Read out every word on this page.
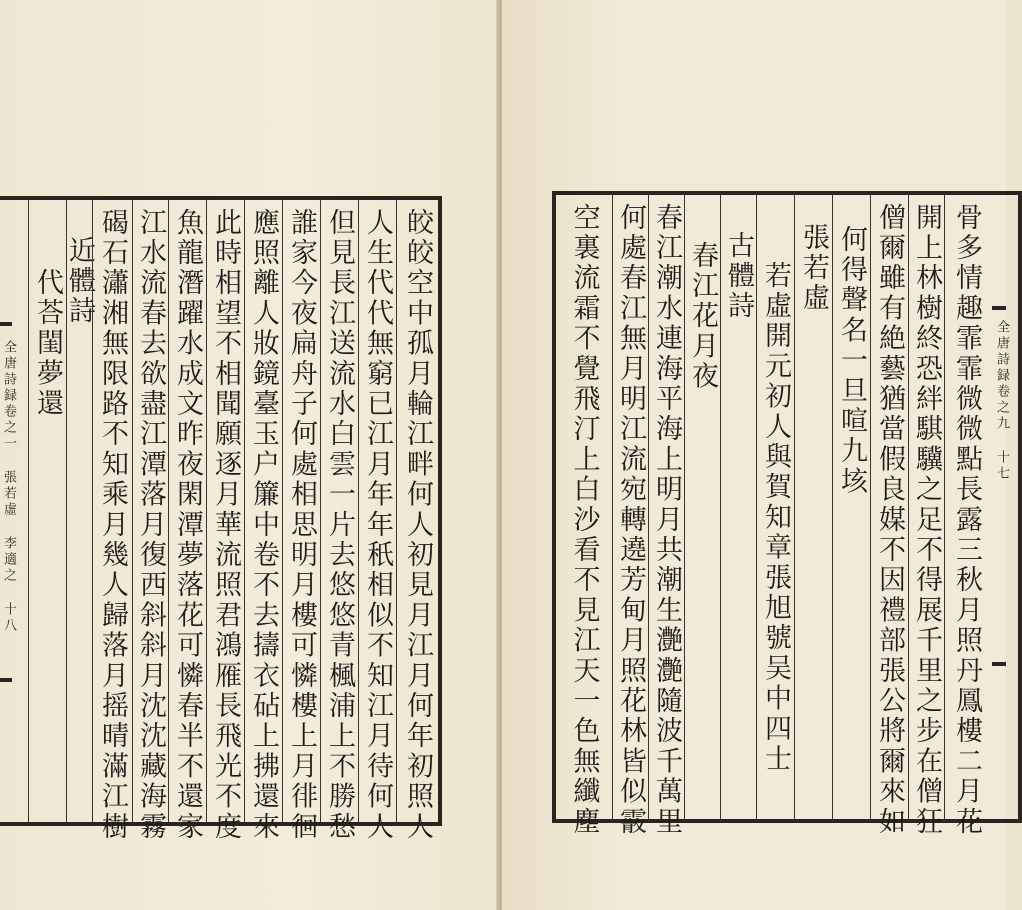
代荅閨夢還 近體詩 碣石瀟湘無限路不知乘月幾人歸落月摇晴滿江樹 江水流春去欲盡江潭落月復西斜斜月沈沈藏海霧 魚龍潛躍水成文昨夜閑潭夢落花可憐春半不還家 此時相望不相聞願逐月華流照君鴻雁長飛光不度 應照離人妝鏡臺玉户簾中卷不去擣衣砧上拂還來 誰家今夜扁舟子何處相思明月樓可憐樓上月徘徊 但見長江送流水白雲一片去悠悠青楓浦上不勝愁 人生代代無窮已江月年年秖相似不知江月待何人 皎皎空中孤月輪江畔何人初見月江月何年初照人
全唐詩録卷之一 張若虛 李適之 十八	空裏流霜不覺飛汀上白沙看不見江天一色無纖塵 何處春江無月明江流宛轉遶芳甸月照花林皆似霰 春江潮水連海平海上明月共潮生灔灔隨波千萬里 春江花月夜 古體詩 若虛開元初人與賀知章張旭號吴中四士 張若虛 何得聲名一旦喧九垓 僧爾雖有絶藝猶當假良媒不因禮部張公將爾來如 開上林樹終恐絆騏驥之足不得展千里之步在僧狂 骨多情趣霏霏微微點長露三秋月照丹鳳樓二月花 全唐詩録卷之九 十七
